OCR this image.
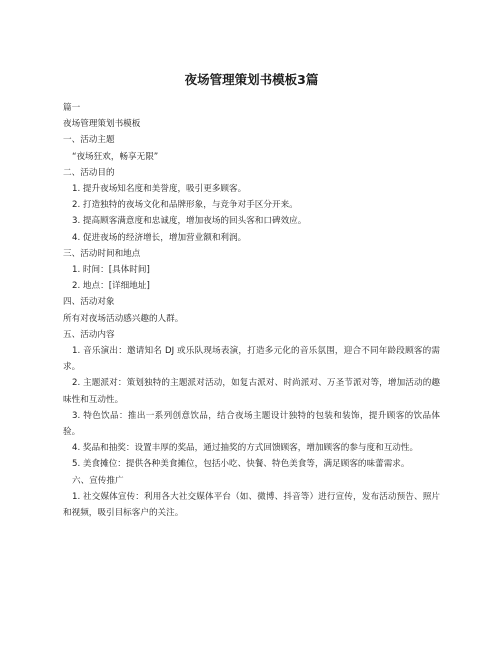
夜场管理策划书模板3篇

篇一

夜场管理策划书模板

一、活动主题

“夜场狂欢，畅享无限”

二、活动目的

1. 提升夜场知名度和美誉度，吸引更多顾客。

2. 打造独特的夜场文化和品牌形象，与竞争对手区分开来。

3. 提高顾客满意度和忠诚度，增加夜场的回头客和口碑效应。

4. 促进夜场的经济增长，增加营业额和利润。

三、活动时间和地点

1. 时间：[具体时间]

2. 地点：[详细地址]

四、活动对象

所有对夜场活动感兴趣的人群。

五、活动内容

1. 音乐演出：邀请知名 DJ 或乐队现场表演，打造多元化的音乐氛围，迎合不同年龄段顾客的需求。

2. 主题派对：策划独特的主题派对活动，如复古派对、时尚派对、万圣节派对等，增加活动的趣味性和互动性。

3. 特色饮品：推出一系列创意饮品，结合夜场主题设计独特的包装和装饰，提升顾客的饮品体验。

4. 奖品和抽奖：设置丰厚的奖品，通过抽奖的方式回馈顾客，增加顾客的参与度和互动性。

5. 美食摊位：提供各种美食摊位，包括小吃、快餐、特色美食等，满足顾客的味蕾需求。

六、宣传推广

1. 社交媒体宣传：利用各大社交媒体平台（如、微博、抖音等）进行宣传，发布活动预告、照片和视频，吸引目标客户的关注。
